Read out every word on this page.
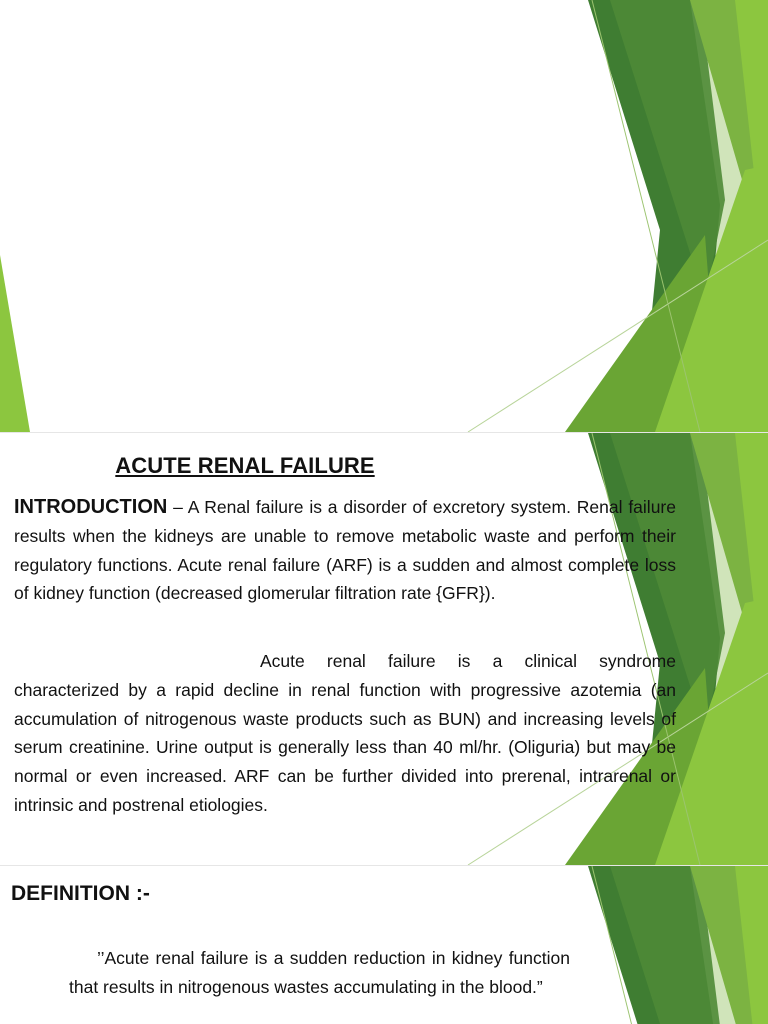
ACUTE RENAL FAILURE

INTRODUCTION – A Renal failure is a disorder of excretory system. Renal failure results when the kidneys are unable to remove metabolic waste and perform their regulatory functions. Acute renal failure (ARF) is a sudden and almost complete loss of kidney function (decreased glomerular filtration rate {GFR}).

Acute renal failure is a clinical syndrome characterized by a rapid decline in renal function with progressive azotemia (an accumulation of nitrogenous waste products such as BUN) and increasing levels of serum creatinine. Urine output is generally less than 40 ml/hr. (Oliguria) but may be normal or even increased. ARF can be further divided into prerenal, intrarenal or intrinsic and postrenal etiologies.

DEFINITION :-

’’Acute renal failure is a sudden reduction in kidney function that results in nitrogenous wastes accumulating in the blood.”
